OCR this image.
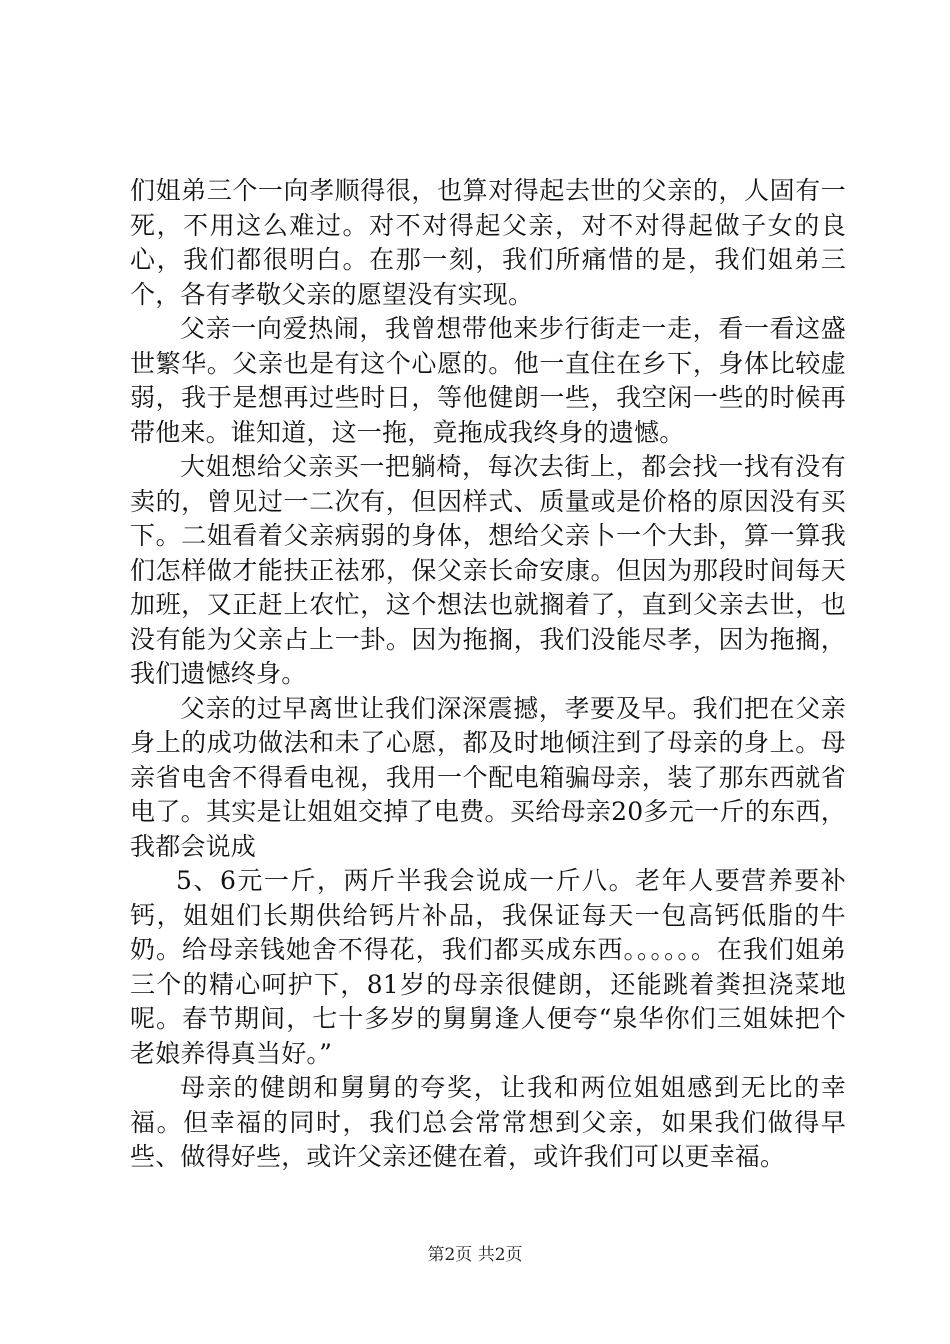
们姐弟三个一向孝顺得很，也算对得起去世的父亲的，人固有一死，不用这么难过。对不对得起父亲，对不对得起做子女的良心，我们都很明白。在那一刻，我们所痛惜的是，我们姐弟三个，各有孝敬父亲的愿望没有实现。

父亲一向爱热闹，我曾想带他来步行街走一走，看一看这盛世繁华。父亲也是有这个心愿的。他一直住在乡下，身体比较虚弱，我于是想再过些时日，等他健朗一些，我空闲一些的时候再带他来。谁知道，这一拖，竟拖成我终身的遗憾。

大姐想给父亲买一把躺椅，每次去街上，都会找一找有没有卖的，曾见过一二次有，但因样式、质量或是价格的原因没有买下。二姐看着父亲病弱的身体，想给父亲卜一个大卦，算一算我们怎样做才能扶正祛邪，保父亲长命安康。但因为那段时间每天加班，又正赶上农忙，这个想法也就搁着了，直到父亲去世，也没有能为父亲占上一卦。因为拖搁，我们没能尽孝，因为拖搁，我们遗憾终身。

父亲的过早离世让我们深深震撼，孝要及早。我们把在父亲身上的成功做法和未了心愿，都及时地倾注到了母亲的身上。母亲省电舍不得看电视，我用一个配电箱骗母亲，装了那东西就省电了。其实是让姐姐交掉了电费。买给母亲20多元一斤的东西，我都会说成

5、6元一斤，两斤半我会说成一斤八。老年人要营养要补钙，姐姐们长期供给钙片补品，我保证每天一包高钙低脂的牛奶。给母亲钱她舍不得花，我们都买成东西。。。。。。在我们姐弟三个的精心呵护下，81岁的母亲很健朗，还能跳着粪担浇菜地呢。春节期间，七十多岁的舅舅逢人便夸“泉华你们三姐妹把个老娘养得真当好。”

母亲的健朗和舅舅的夸奖，让我和两位姐姐感到无比的幸福。但幸福的同时，我们总会常常想到父亲，如果我们做得早些、做得好些，或许父亲还健在着，或许我们可以更幸福。

第2页 共2页
